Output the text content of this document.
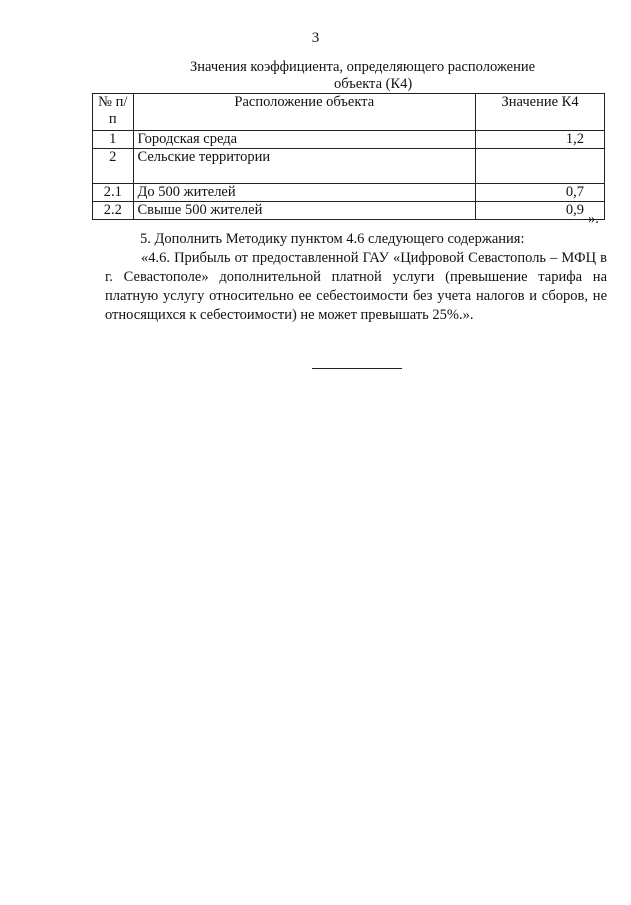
3
Значения коэффициента, определяющего расположение
объекта (К4)
№ п/п	Расположение объекта	Значение К4
1	Городская среда	1,2
2	Сельские территории	
2.1	До 500 жителей	0,7
2.2	Свыше 500 жителей	0,9
».
5. Дополнить Методику пунктом 4.6 следующего содержания:
«4.6. Прибыль от предоставленной ГАУ «Цифровой Севастополь – МФЦ в г. Севастополе» дополнительной платной услуги (превышение тарифа на платную услугу относительно ее себестоимости без учета налогов и сборов, не относящихся к себестоимости) не может превышать 25%.».
